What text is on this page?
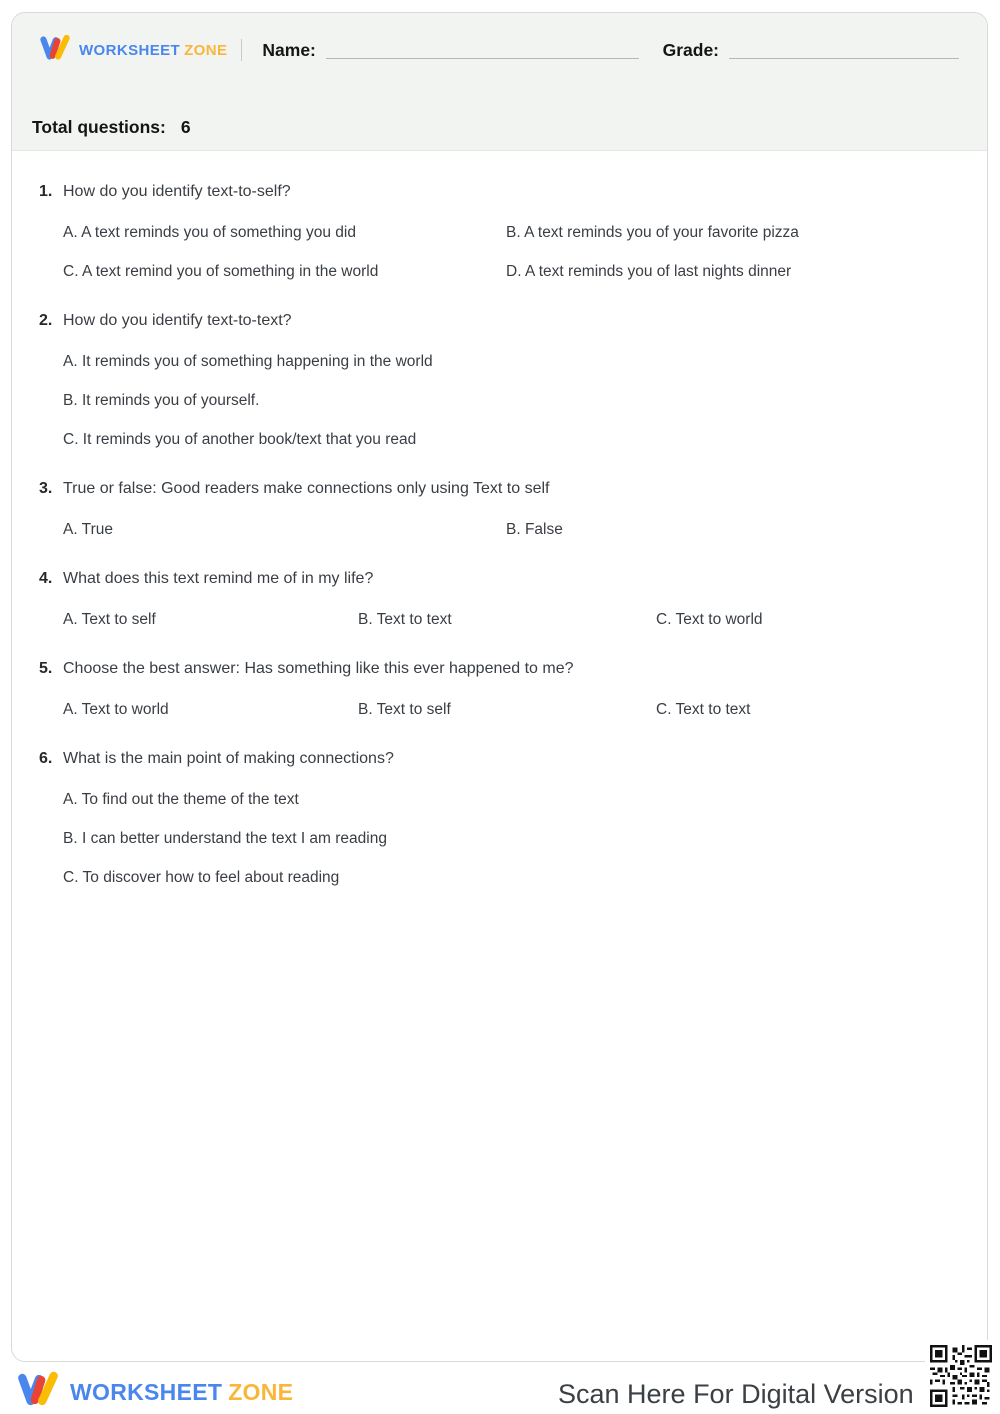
WORKSHEET ZONE Name:	Grade:
Total questions: 6
1. How do you identify text-to-self?
A. A text reminds you of something you did	B. A text reminds you of your favorite pizza
C. A text remind you of something in the world	D. A text reminds you of last nights dinner
2. How do you identify text-to-text?
A. It reminds you of something happening in the world
B. It reminds you of yourself.
C. It reminds you of another book/text that you read
3. True or false: Good readers make connections only using Text to self
A. True	B. False
4. What does this text remind me of in my life?
A. Text to self	B. Text to text	C. Text to world
5. Choose the best answer: Has something like this ever happened to me?
A. Text to world	B. Text to self	C. Text to text
6. What is the main point of making connections?
A. To find out the theme of the text
B. I can better understand the text I am reading
C. To discover how to feel about reading
WORKSHEET ZONE	Scan Here For Digital Version
